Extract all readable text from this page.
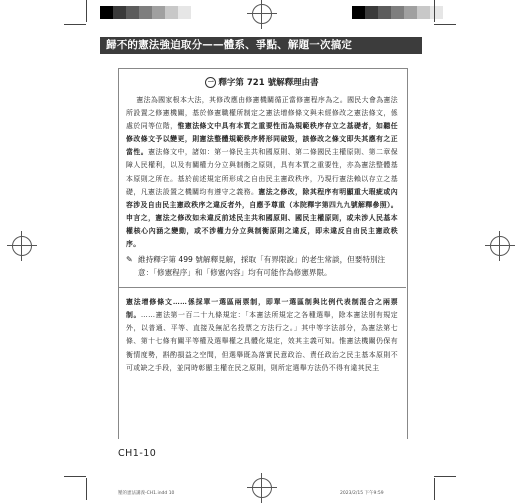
歸不的憲法強迫取分——體系、爭點、解題一次搞定
一 釋字第 721 號解釋理由書

憲法為國家根本大法，其修改應由修憲機關循正當修憲程序為之。國民大會為憲法所設置之修憲機關，基於修憲職權所制定之憲法增修條文與未經修改之憲法條文，係處於同等位階，惟憲法條文中具有本質之重要性而為規範秩序存立之基礎者，如聽任修改條文予以變更，則憲法整體規範秩序將形同破毀，該修改之條文即失其應有之正當性。憲法條文中，諸如：第一條民主共和國原則、第二條國民主權原則、第二章保障人民權利，以及有關權力分立與制衡之原則，具有本質之重要性，亦為憲法整體基本原則之所在。基於前述規定所形成之自由民主憲政秩序，乃現行憲法賴以存立之基礎，凡憲法設置之機關均有遵守之義務。憲法之修改，除其程序有明顯重大瑕疵或內容涉及自由民主憲政秩序之違反者外，自應予尊重（本院釋字第四九九號解釋參照）。申言之，憲法之修改如未違反前述民主共和國原則、國民主權原則，或未涉人民基本權核心內涵之變動，或不涉權力分立與制衡原則之違反，即未違反自由民主憲政秩序。

✎ 維持釋字第 499 號解釋見解，採取「有界限說」的老生常談，但要特別注意：「修憲程序」和「修憲內容」均有可能作為修憲界限。

憲法增修條文……係採單一選區兩票制，即單一選區制與比例代表制混合之兩票制。……憲法第一百二十九條規定：「本憲法所規定之各種選舉，除本憲法別有規定外，以普通、平等、直接及無記名投票之方法行之。」其中等字法部分，為憲法第七條、第十七條有關平等權及選舉權之具體化規定，效其主義可知。惟憲法機關仍保有衡情度勢，斟酌損益之空間，但選舉既為落實民意政治、責任政治之民主基本原則不可或缺之手段，並同時彰顯主權在民之原則，則所定選舉方法仍不得有違其民主

CH1-10
壓的憲法講義-CH1.indd 10	2023/2/15 下午9:59
